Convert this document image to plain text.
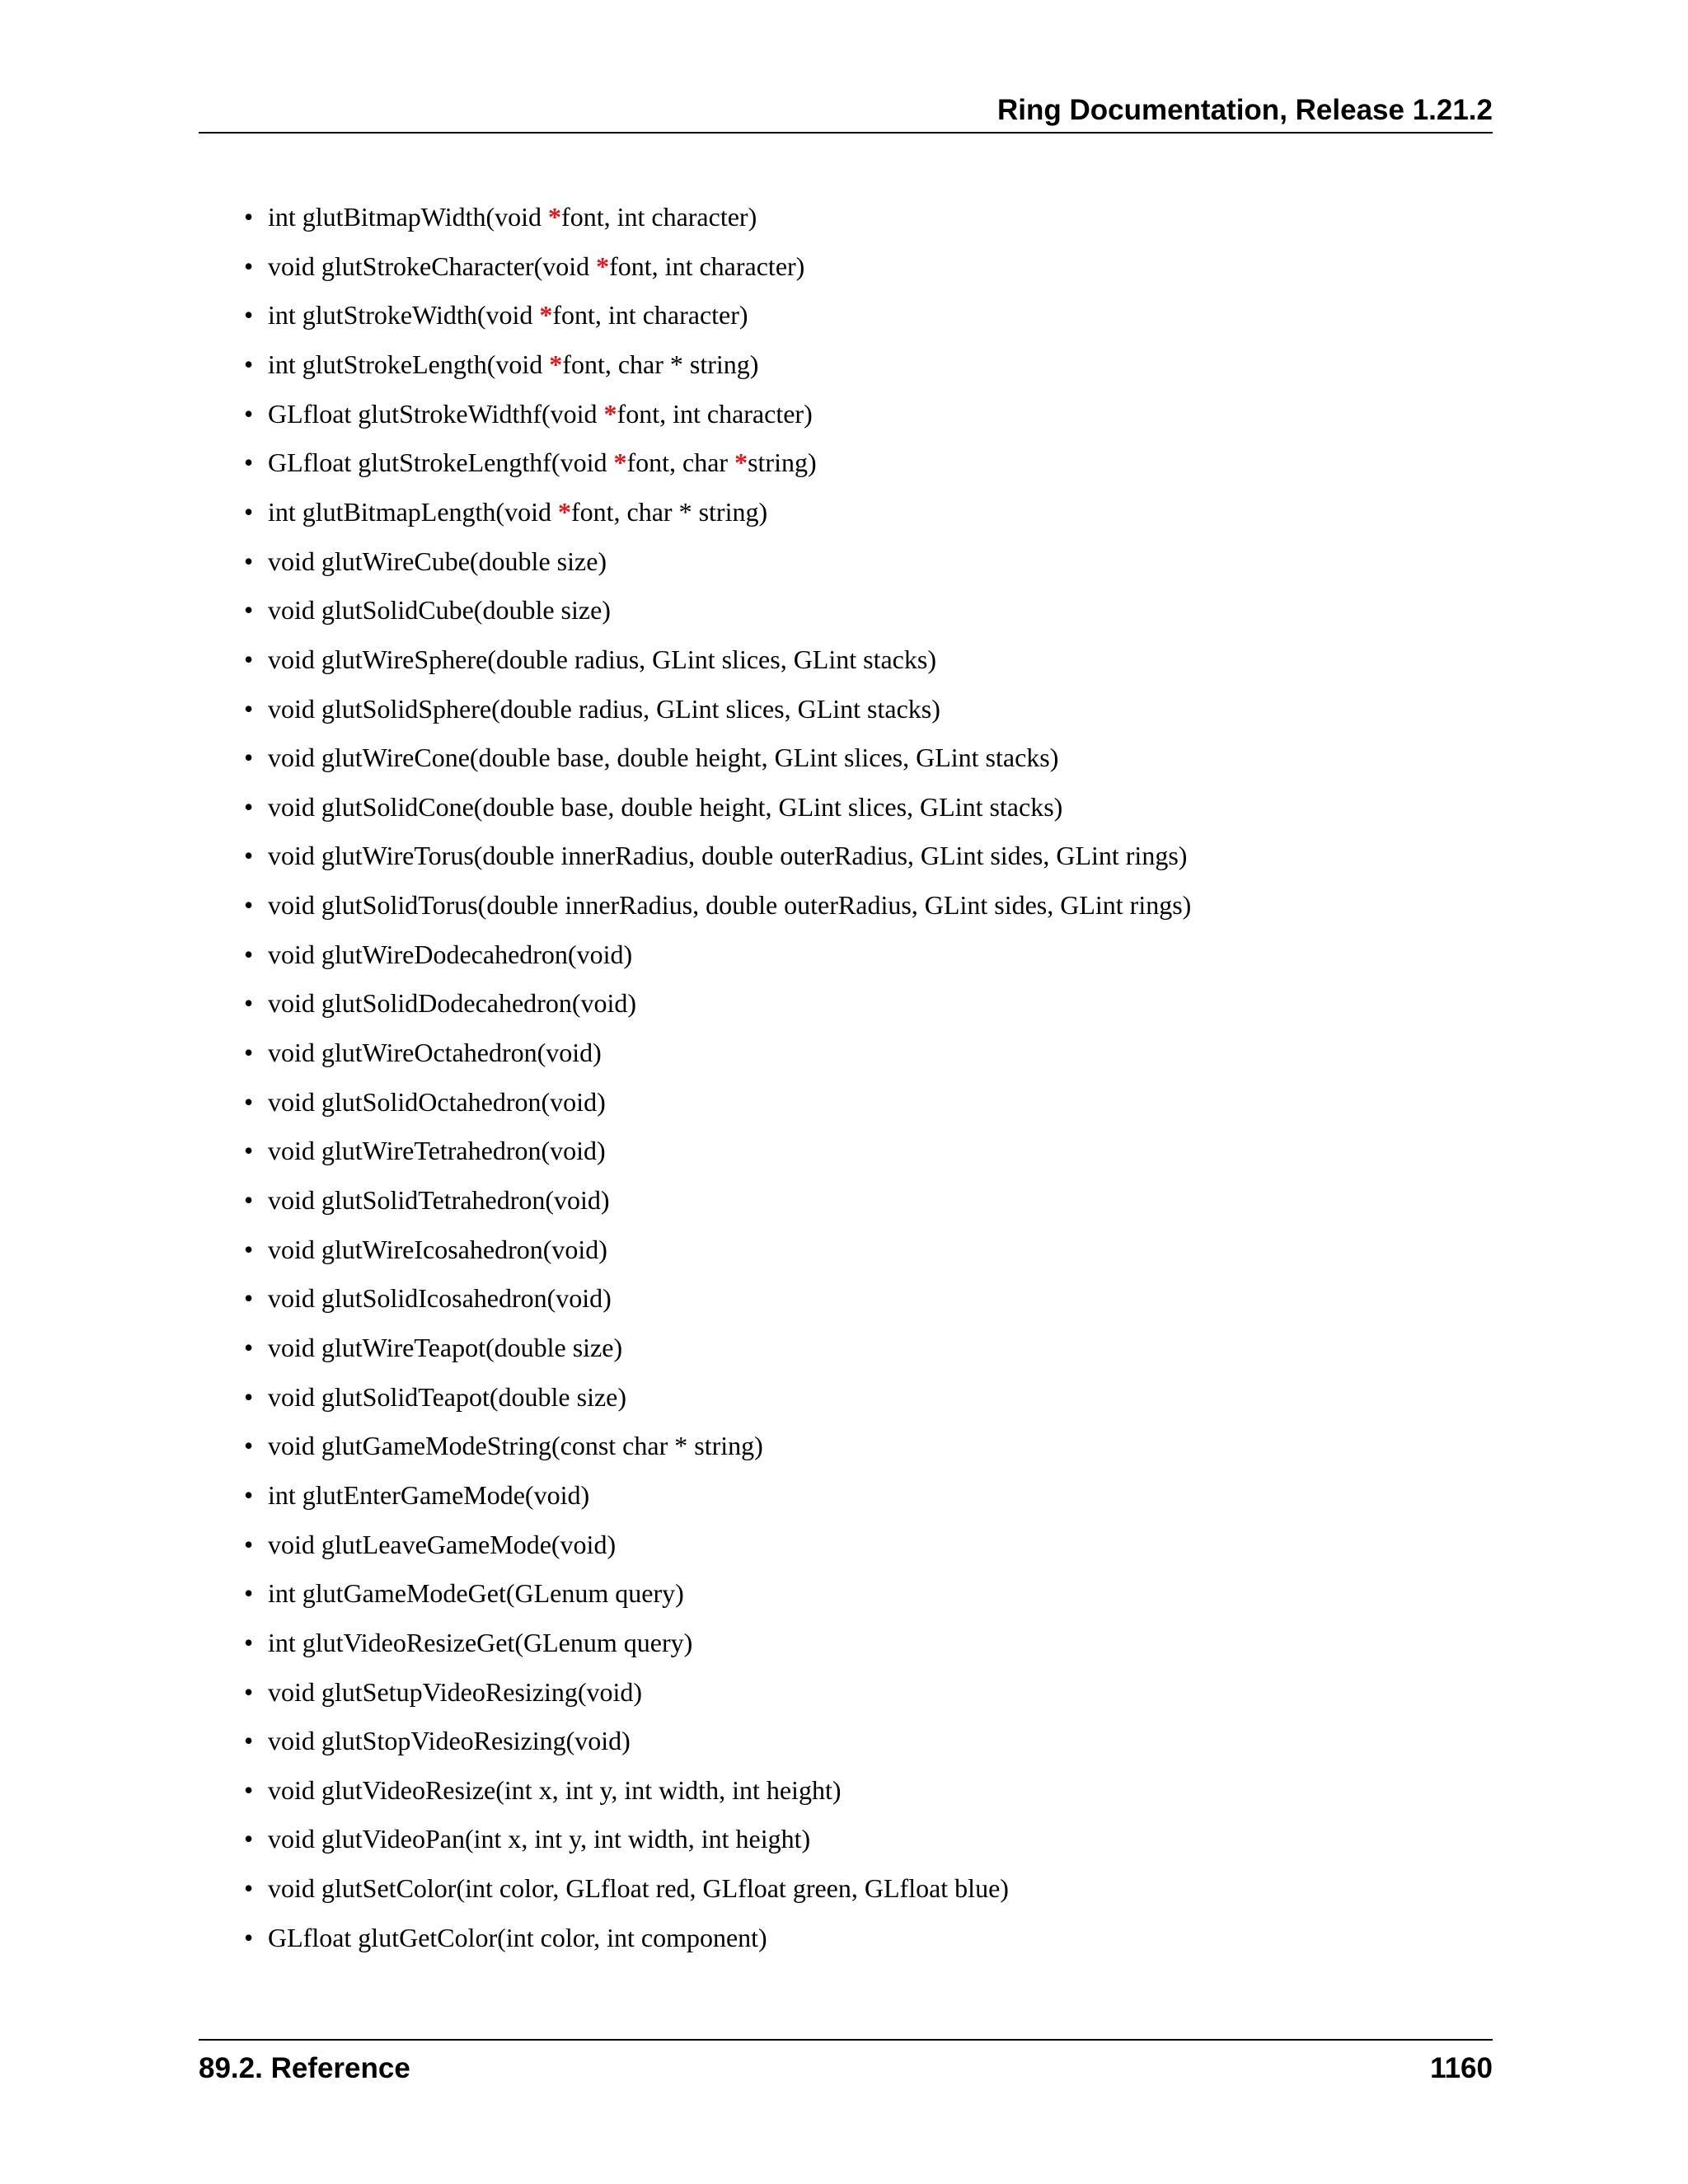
Ring Documentation, Release 1.21.2
• int glutBitmapWidth(void *font, int character)
• void glutStrokeCharacter(void *font, int character)
• int glutStrokeWidth(void *font, int character)
• int glutStrokeLength(void *font, char * string)
• GLfloat glutStrokeWidthf(void *font, int character)
• GLfloat glutStrokeLengthf(void *font, char *string)
• int glutBitmapLength(void *font, char * string)
• void glutWireCube(double size)
• void glutSolidCube(double size)
• void glutWireSphere(double radius, GLint slices, GLint stacks)
• void glutSolidSphere(double radius, GLint slices, GLint stacks)
• void glutWireCone(double base, double height, GLint slices, GLint stacks)
• void glutSolidCone(double base, double height, GLint slices, GLint stacks)
• void glutWireTorus(double innerRadius, double outerRadius, GLint sides, GLint rings)
• void glutSolidTorus(double innerRadius, double outerRadius, GLint sides, GLint rings)
• void glutWireDodecahedron(void)
• void glutSolidDodecahedron(void)
• void glutWireOctahedron(void)
• void glutSolidOctahedron(void)
• void glutWireTetrahedron(void)
• void glutSolidTetrahedron(void)
• void glutWireIcosahedron(void)
• void glutSolidIcosahedron(void)
• void glutWireTeapot(double size)
• void glutSolidTeapot(double size)
• void glutGameModeString(const char * string)
• int glutEnterGameMode(void)
• void glutLeaveGameMode(void)
• int glutGameModeGet(GLenum query)
• int glutVideoResizeGet(GLenum query)
• void glutSetupVideoResizing(void)
• void glutStopVideoResizing(void)
• void glutVideoResize(int x, int y, int width, int height)
• void glutVideoPan(int x, int y, int width, int height)
• void glutSetColor(int color, GLfloat red, GLfloat green, GLfloat blue)
• GLfloat glutGetColor(int color, int component)
89.2. Reference	1160
